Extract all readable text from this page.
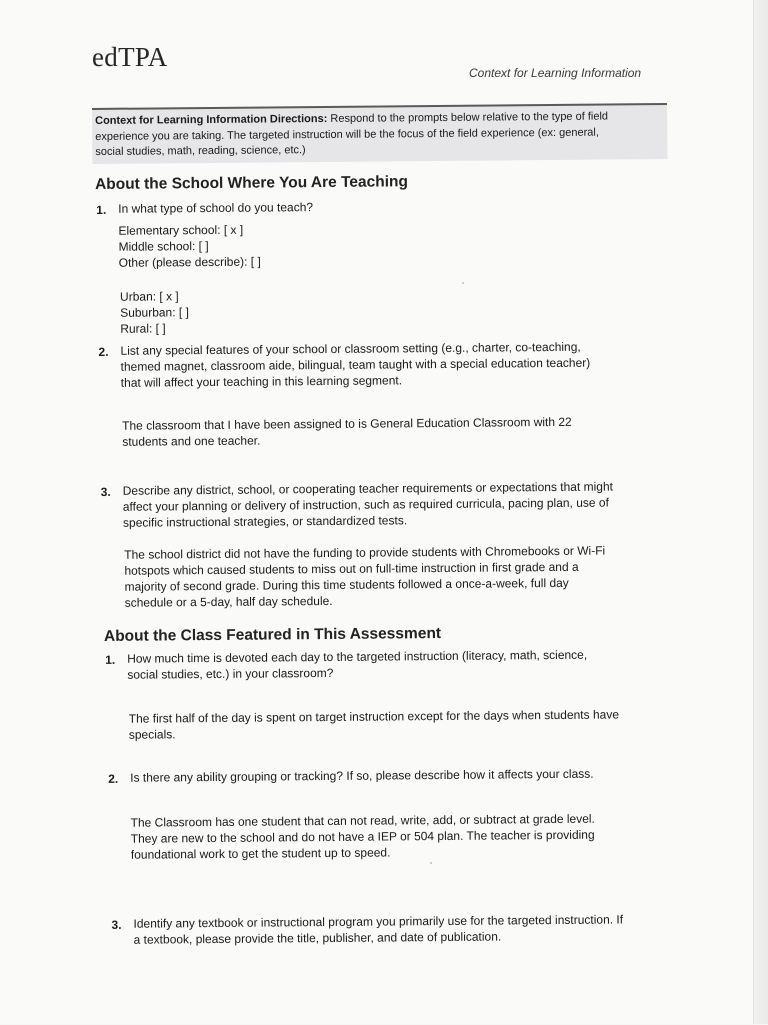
edTPA
Context for Learning Information
Context for Learning Information Directions: Respond to the prompts below relative to the type of field
experience you are taking. The targeted instruction will be the focus of the field experience (ex: general,
social studies, math, reading, science, etc.)
About the School Where You Are Teaching
1. In what type of school do you teach?
Elementary school: [ x ]
Middle school: [ ]
Other (please describe): [ ]
Urban: [ x ]
Suburban: [ ]
Rural: [ ]
2. List any special features of your school or classroom setting (e.g., charter, co-teaching,
themed magnet, classroom aide, bilingual, team taught with a special education teacher)
that will affect your teaching in this learning segment.
The classroom that I have been assigned to is General Education Classroom with 22
students and one teacher.
3. Describe any district, school, or cooperating teacher requirements or expectations that might
affect your planning or delivery of instruction, such as required curricula, pacing plan, use of
specific instructional strategies, or standardized tests.
The school district did not have the funding to provide students with Chromebooks or Wi-Fi
hotspots which caused students to miss out on full-time instruction in first grade and a
majority of second grade. During this time students followed a once-a-week, full day
schedule or a 5-day, half day schedule.
About the Class Featured in This Assessment
1. How much time is devoted each day to the targeted instruction (literacy, math, science,
social studies, etc.) in your classroom?
The first half of the day is spent on target instruction except for the days when students have
specials.
2. Is there any ability grouping or tracking? If so, please describe how it affects your class.
The Classroom has one student that can not read, write, add, or subtract at grade level.
They are new to the school and do not have a IEP or 504 plan. The teacher is providing
foundational work to get the student up to speed.
3. Identify any textbook or instructional program you primarily use for the targeted instruction. If
a textbook, please provide the title, publisher, and date of publication.
